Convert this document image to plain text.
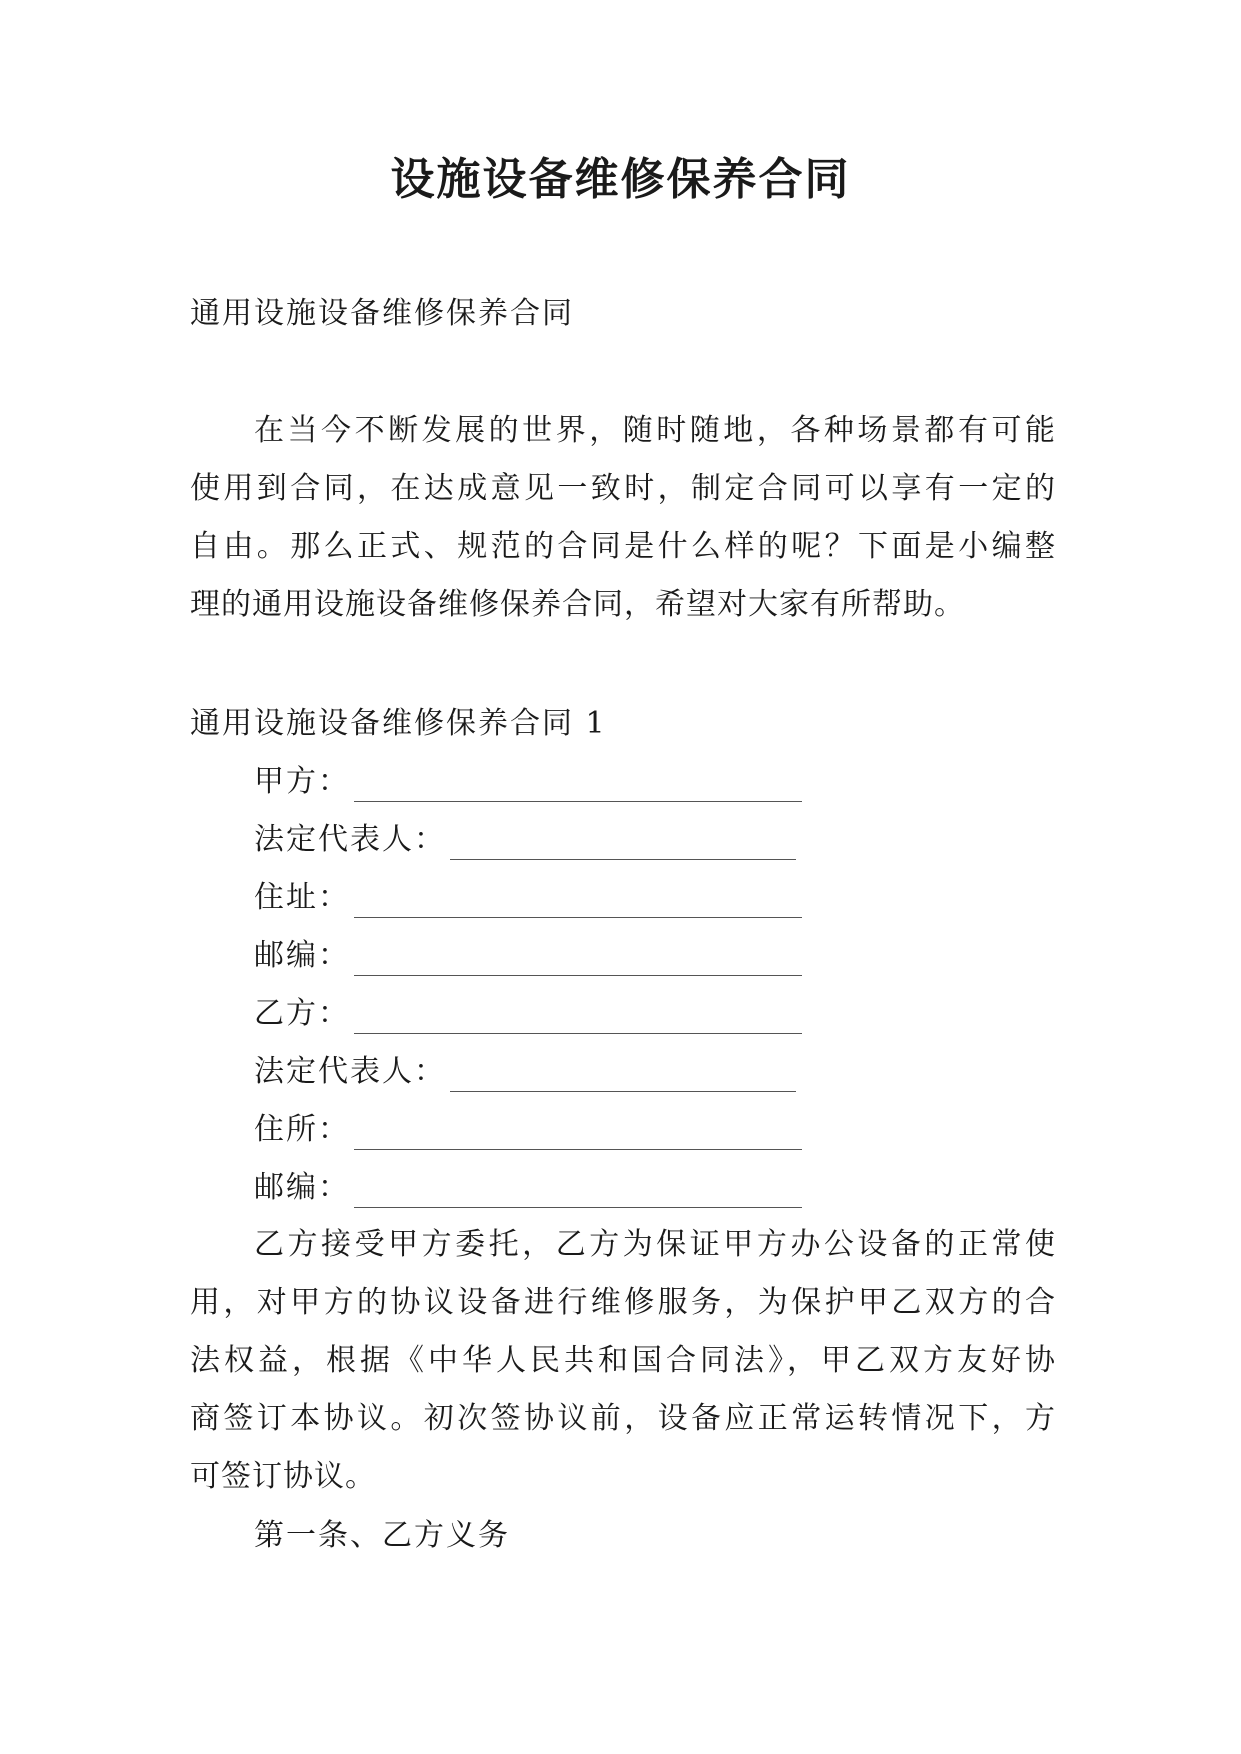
设施设备维修保养合同

通用设施设备维修保养合同

在当今不断发展的世界，随时随地，各种场景都有可能
使用到合同，在达成意见一致时，制定合同可以享有一定的
自由。那么正式、规范的合同是什么样的呢？下面是小编整
理的通用设施设备维修保养合同，希望对大家有所帮助。

通用设施设备维修保养合同 1

甲方：
法定代表人：
住址：
邮编：
乙方：
法定代表人：
住所：
邮编：
乙方接受甲方委托，乙方为保证甲方办公设备的正常使
用，对甲方的协议设备进行维修服务，为保护甲乙双方的合
法权益，根据《中华人民共和国合同法》，甲乙双方友好协
商签订本协议。初次签协议前，设备应正常运转情况下，方
可签订协议。

第一条、乙方义务
